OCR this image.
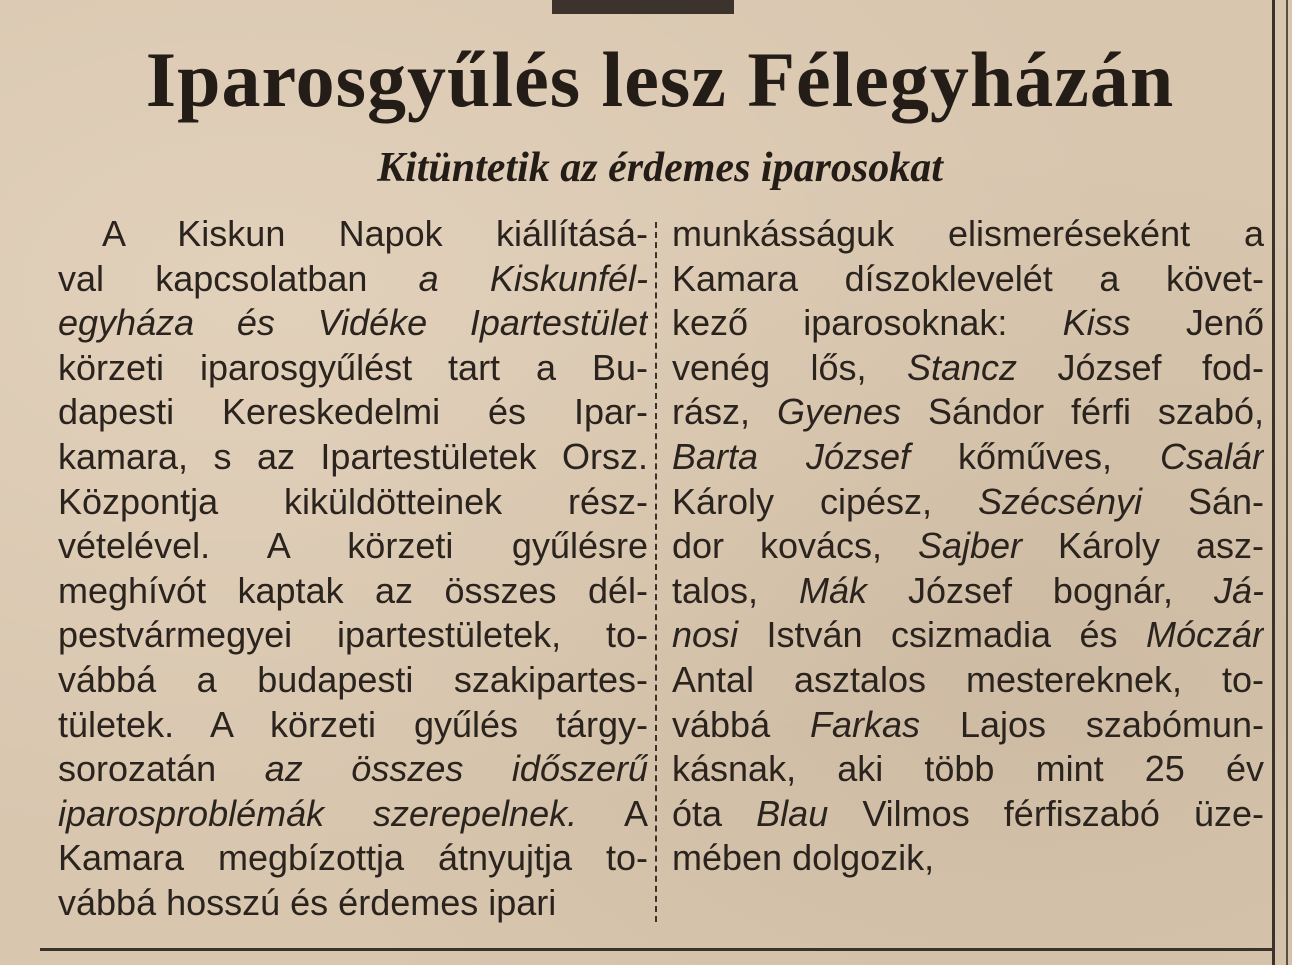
Iparosgyűlés lesz Félegyházán
Kitüntetik az érdemes iparosokat
A Kiskun Napok kiállításá-
val kapcsolatban a Kiskunfél-
egyháza és Vidéke Ipartestület
körzeti iparosgyűlést tart a Bu-
dapesti Kereskedelmi és Ipar-
kamara, s az Ipartestületek Orsz.
Központja kiküldötteinek rész-
vételével. A körzeti gyűlésre
meghívót kaptak az összes dél-
pestvármegyei ipartestületek, to-
vábbá a budapesti szakipartes-
tületek. A körzeti gyűlés tárgy-
sorozatán az összes időszerű
iparosproblémák szerepelnek. A
Kamara megbízottja átnyujtja to-
vábbá hosszú és érdemes ipari
munkásságuk elismeréseként a
Kamara díszoklevelét a követ-
kező iparosoknak: Kiss Jenő
venég lős, Stancz József fod-
rász, Gyenes Sándor férfi szabó,
Barta József kőműves, Csalár
Károly cipész, Szécsényi Sán-
dor kovács, Sajber Károly asz-
talos, Mák József bognár, Já-
nosi István csizmadia és Móczár
Antal asztalos mestereknek, to-
vábbá Farkas Lajos szabómun-
kásnak, aki több mint 25 év
óta Blau Vilmos férfiszabó üze-
mében dolgozik,
